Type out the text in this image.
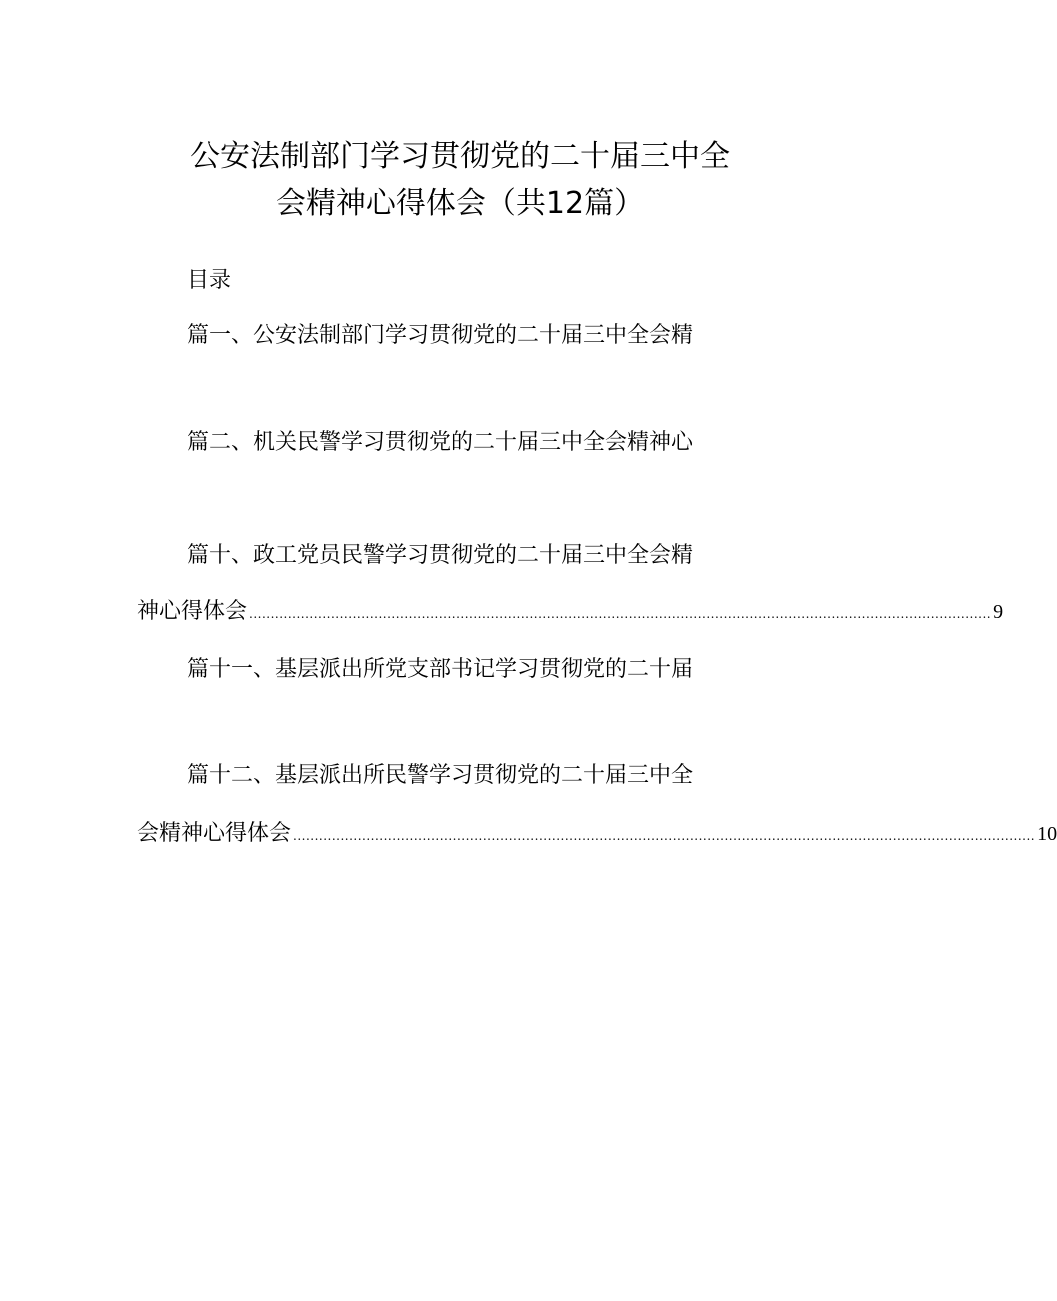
公安法制部门学习贯彻党的二十届三中全
会精神心得体会（共12篇）
目录
篇一、公安法制部门学习贯彻党的二十届三中全会精
篇二、机关民警学习贯彻党的二十届三中全会精神心
篇十、政工党员民警学习贯彻党的二十届三中全会精
神心得体会 ............................................................................................................................................................................ 9
篇十一、基层派出所党支部书记学习贯彻党的二十届
篇十二、基层派出所民警学习贯彻党的二十届三中全
会精神心得体会 ............................................................................................................................................................................ 10
